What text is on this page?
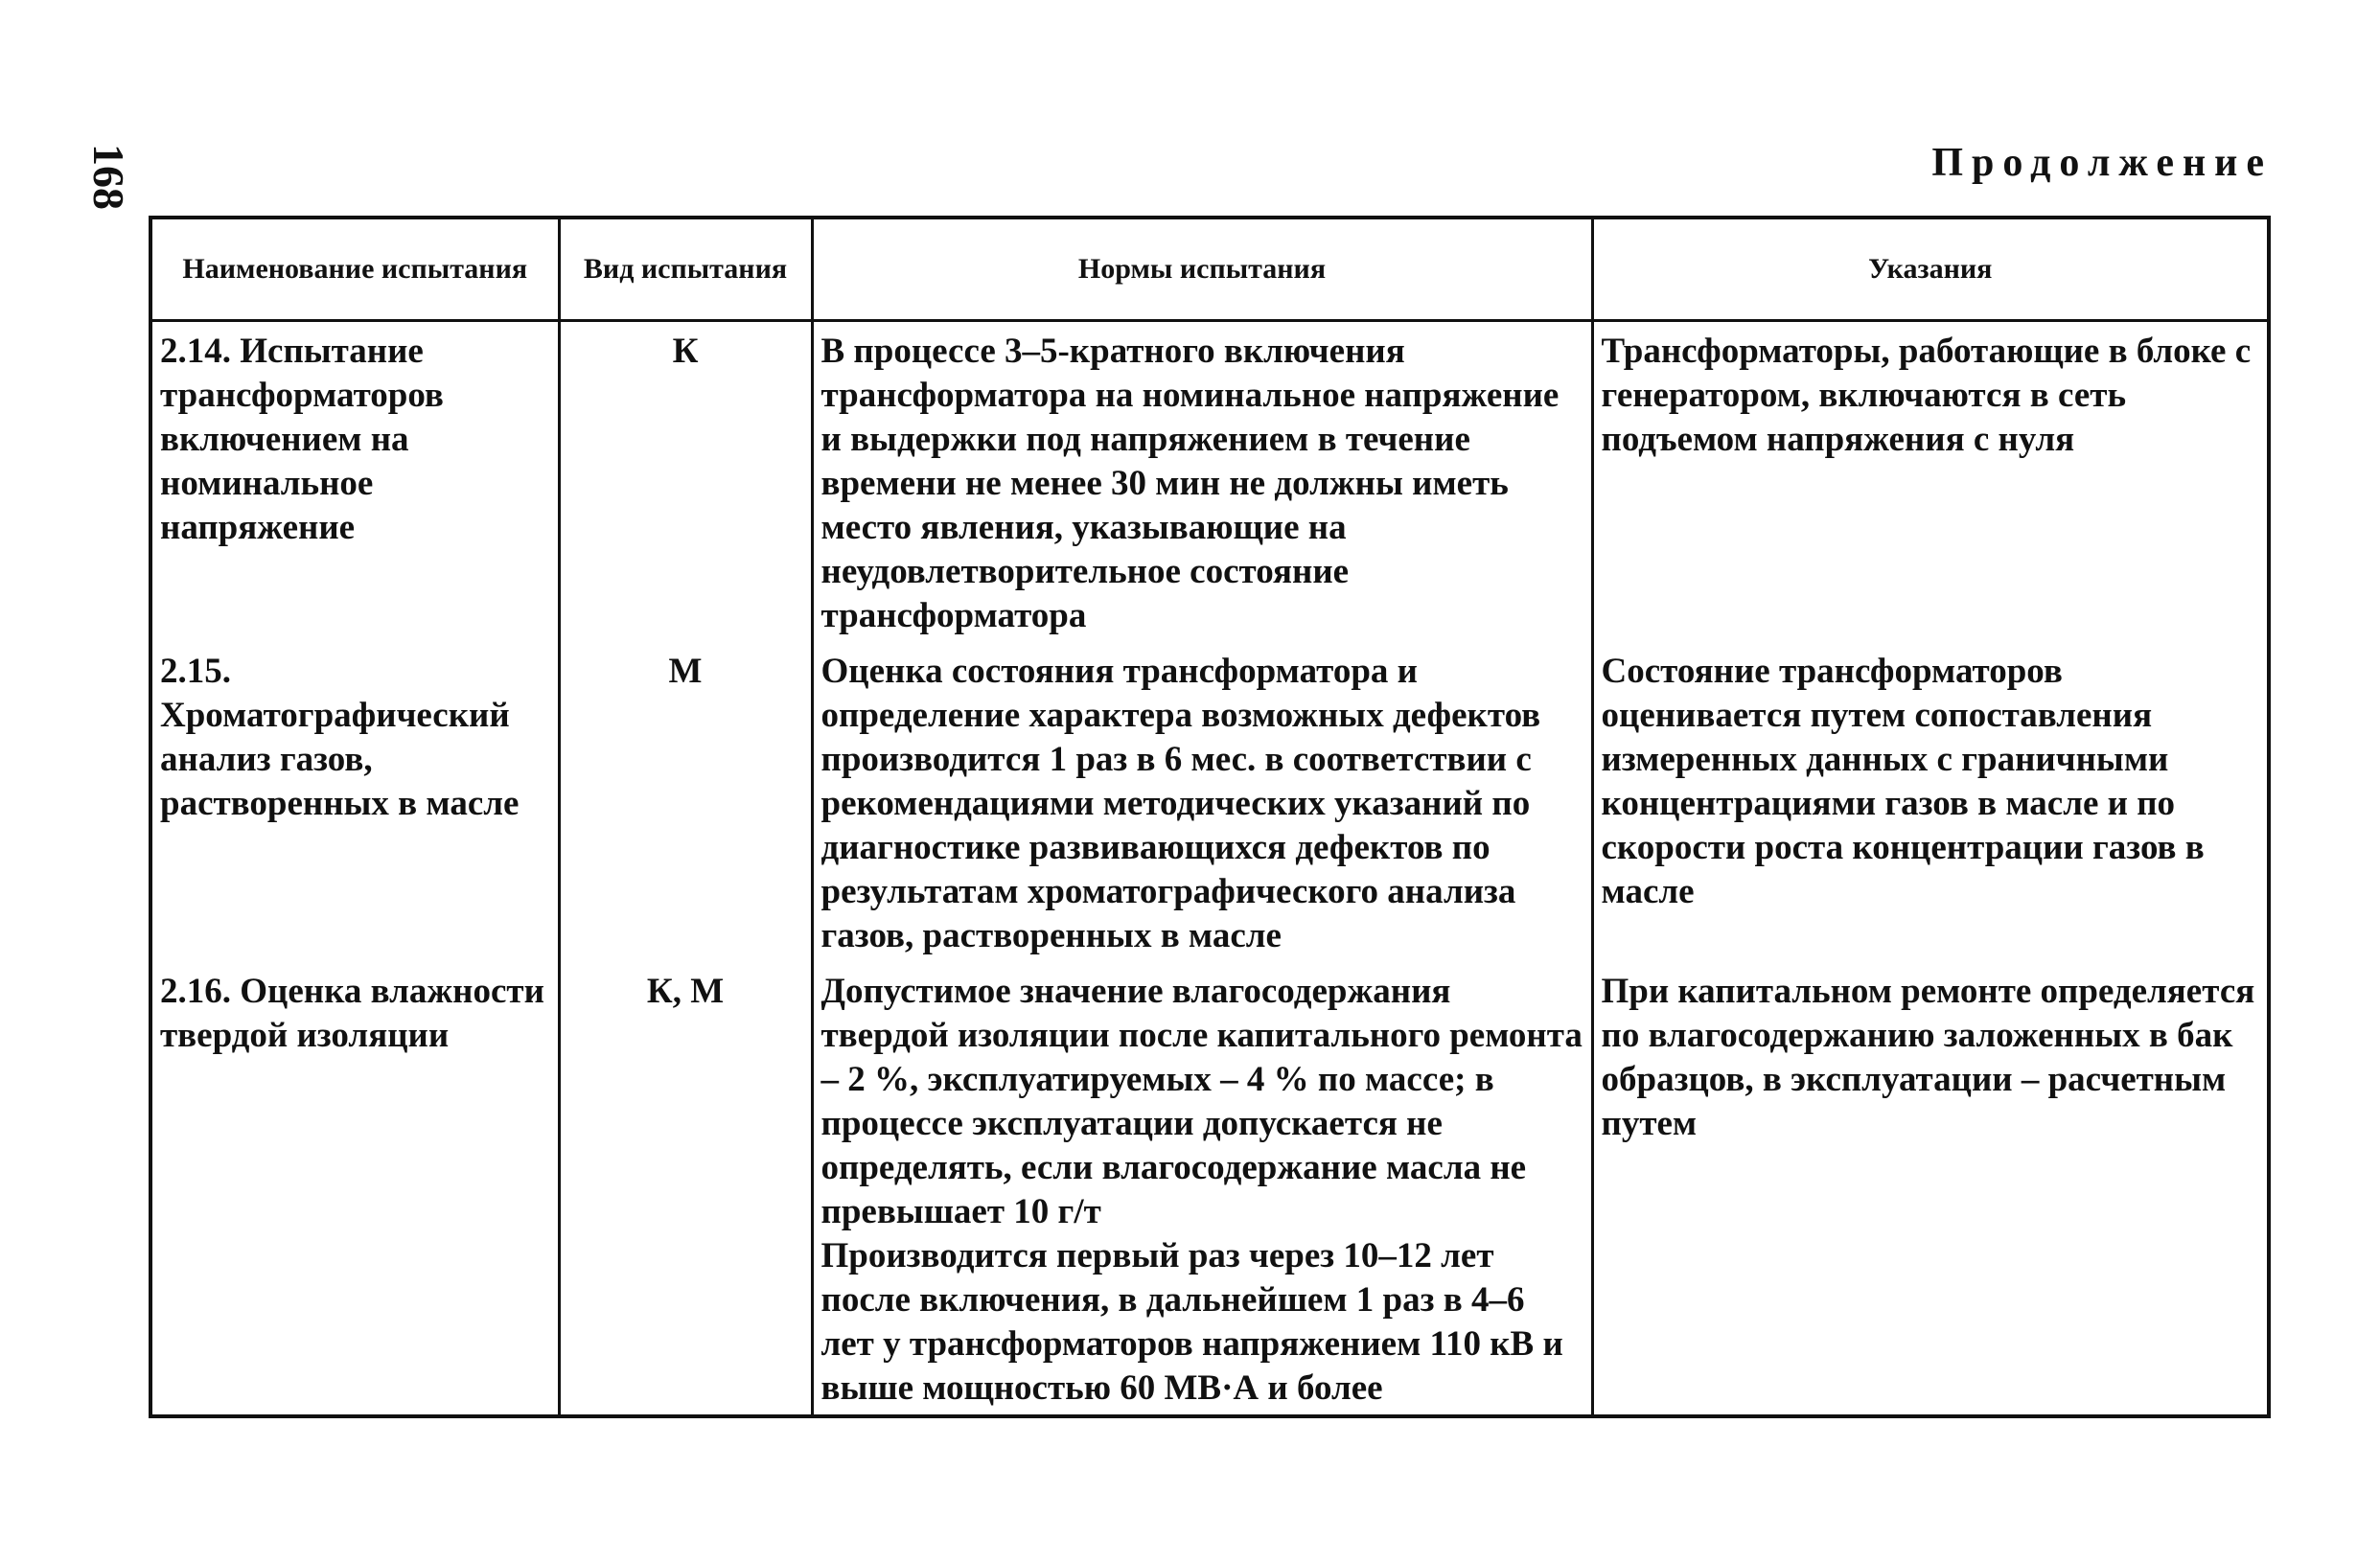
168	Продолжение
Наименование испытания	Вид испытания	Нормы испытания	Указания
2.14. Испытание трансформаторов включением на номинальное напряжение	К	В процессе 3–5-кратного включения трансформатора на номинальное напряжение и выдержки под напряжением в течение времени не менее 30 мин не должны иметь место явления, указывающие на неудовлетворительное состояние трансформатора	Трансформаторы, работающие в блоке с генератором, включаются в сеть подъемом напряжения с нуля
2.15. Хроматографический анализ газов, растворенных в масле	М	Оценка состояния трансформатора и определение характера возможных дефектов производится 1 раз в 6 мес. в соответствии с рекомендациями методических указаний по диагностике развивающихся дефектов по результатам хроматографического анализа газов, растворенных в масле	Состояние трансформаторов оценивается путем сопоставления измеренных данных с граничными концентрациями газов в масле и по скорости роста концентрации газов в масле
2.16. Оценка влажности твердой изоляции	К, М	Допустимое значение влагосодержания твердой изоляции после капитального ремонта – 2 %, эксплуатируемых – 4 % по массе; в процессе эксплуатации допускается не определять, если влагосодержание масла не превышает 10 г/т
Производится первый раз через 10–12 лет после включения, в дальнейшем 1 раз в 4–6 лет у трансформаторов напряжением 110 кВ и выше мощностью 60 МВ·А и более	При капитальном ремонте определяется по влагосодержанию заложенных в бак образцов, в эксплуатации – расчетным путем
